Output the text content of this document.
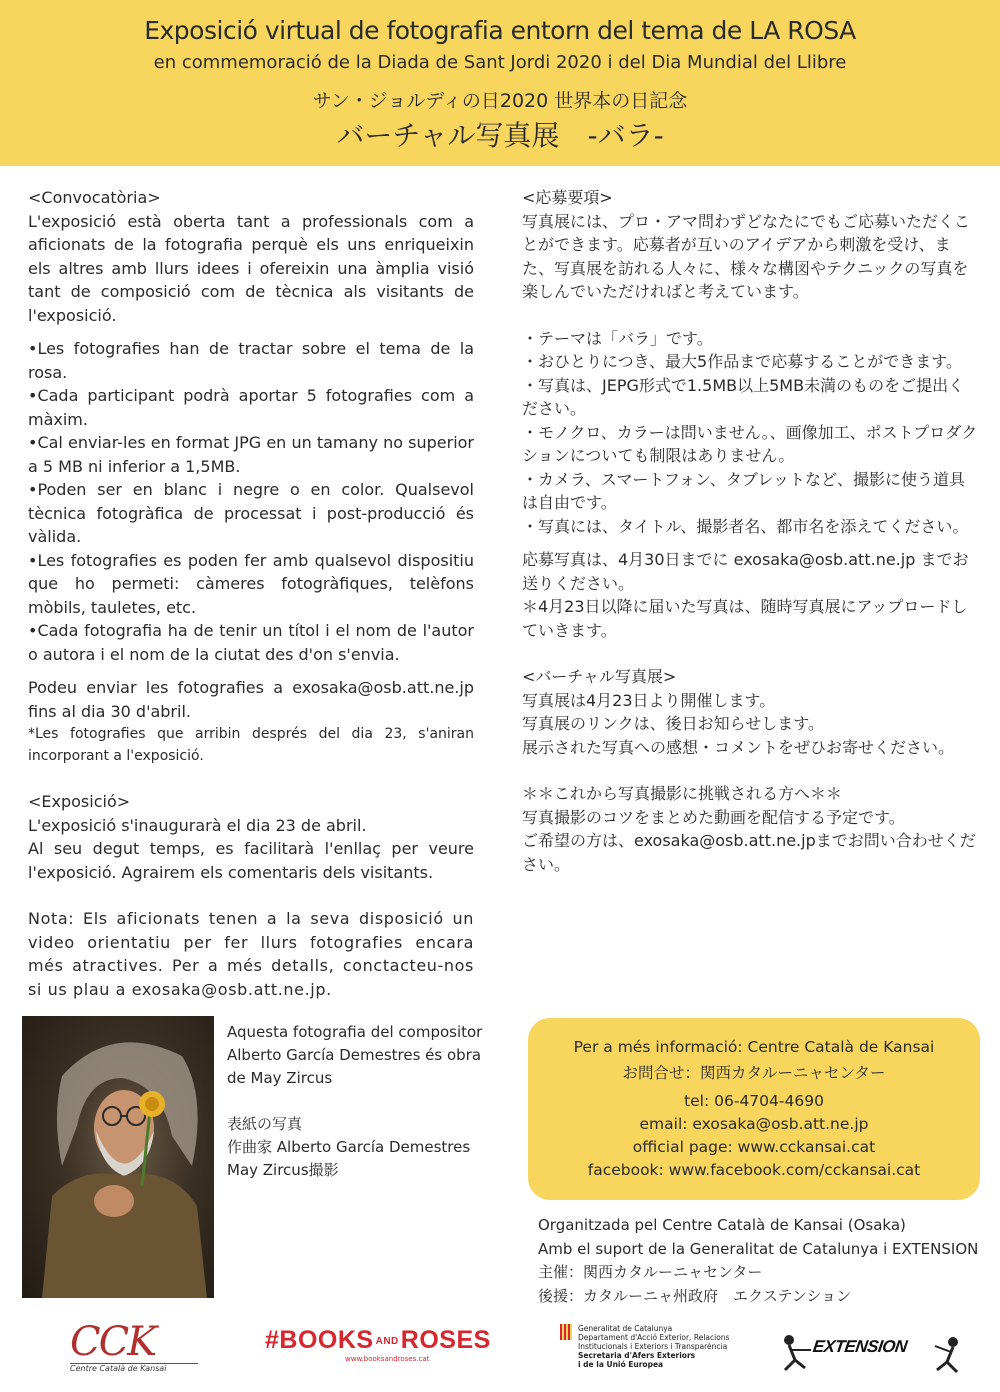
Exposició virtual de fotografia entorn del tema de LA ROSA
en commemoració de la Diada de Sant Jordi 2020 i del Dia Mundial del Llibre
サン・ジョルディの日2020 世界本の日記念
バーチャル写真展　-バラ-

<Convocatòria>

L'exposició està oberta tant a professionals com a aficionats de la fotografia perquè els uns enriqueixin els altres amb llurs idees i ofereixin una àmplia visió tant de composició com de tècnica als visitants de l'exposició.

•Les fotografies han de tractar sobre el tema de la rosa.

•Cada participant podrà aportar 5 fotografies com a màxim.

•Cal enviar-les en format JPG en un tamany no superior a 5 MB ni inferior a 1,5MB.

•Poden ser en blanc i negre o en color. Qualsevol tècnica fotogràfica de processat i post-producció és vàlida.

•Les fotografies es poden fer amb qualsevol dispositiu que ho permeti: càmeres fotogràfiques, telèfons mòbils, tauletes, etc.

•Cada fotografia ha de tenir un títol i el nom de l'autor o autora i el nom de la ciutat des d'on s'envia.

Podeu enviar les fotografies a exosaka@osb.att.ne.jp fins al dia 30 d'abril.

*Les fotografies que arribin després del dia 23, s'aniran incorporant a l'exposició.

<Exposició>

L'exposició s'inaugurarà el dia 23 de abril.

Al seu degut temps, es facilitarà l'enllaç per veure l'exposició. Agrairem els comentaris dels visitants.

Nota: Els aficionats tenen a la seva disposició un video orientatiu per fer llurs fotografies encara més atractives. Per a més detalls, conctacteu-nos si us plau a exosaka@osb.att.ne.jp.

<応募要項>

写真展には、プロ・アマ問わずどなたにでもご応募いただくことができます。応募者が互いのアイデアから刺激を受け、また、写真展を訪れる人々に、様々な構図やテクニックの写真を楽しんでいただければと考えています。

・テーマは「バラ」です。

・おひとりにつき、最大5作品まで応募することができます。

・写真は、JEPG形式で1.5MB以上5MB未満のものをご提出ください。

・モノクロ、カラーは問いません。、画像加工、ポストプロダクションについても制限はありません。

・カメラ、スマートフォン、タブレットなど、撮影に使う道具は自由です。

・写真には、タイトル、撮影者名、都市名を添えてください。

応募写真は、4月30日までに exosaka@osb.att.ne.jp までお送りください。

＊4月23日以降に届いた写真は、随時写真展にアップロードしていきます。

<バーチャル写真展>

写真展は4月23日より開催します。

写真展のリンクは、後日お知らせします。

展示された写真への感想・コメントをぜひお寄せください。

＊＊これから写真撮影に挑戦される方へ＊＊

写真撮影のコツをまとめた動画を配信する予定です。

ご希望の方は、exosaka@osb.att.ne.jpまでお問い合わせください。

Aquesta fotografia del compositor
Alberto García Demestres és obra
de May Zircus
表紙の写真
作曲家 Alberto García Demestres
May Zircus撮影
Per a més informació: Centre Català de Kansai
お問合せ：関西カタルーニャセンター
tel: 06-4704-4690
email: exosaka@osb.att.ne.jp
official page: www.cckansai.cat
facebook: www.facebook.com/cckansai.cat
Organitzada pel Centre Català de Kansai (Osaka)
Amb el suport de la Generalitat de Catalunya i EXTENSION
主催：関西カタルーニャセンター
後援：カタルーニャ州政府　エクステンション
CCK
Centre Català de Kansai
#BOOKS ANDROSES
www.booksandroses.cat
Generalitat de Catalunya
Departament d'Acció Exterior, Relacions
Institucionals i Exteriors i Transparència
Secretaria d'Afers Exteriors
i de la Unió Europea
EXTENSION
